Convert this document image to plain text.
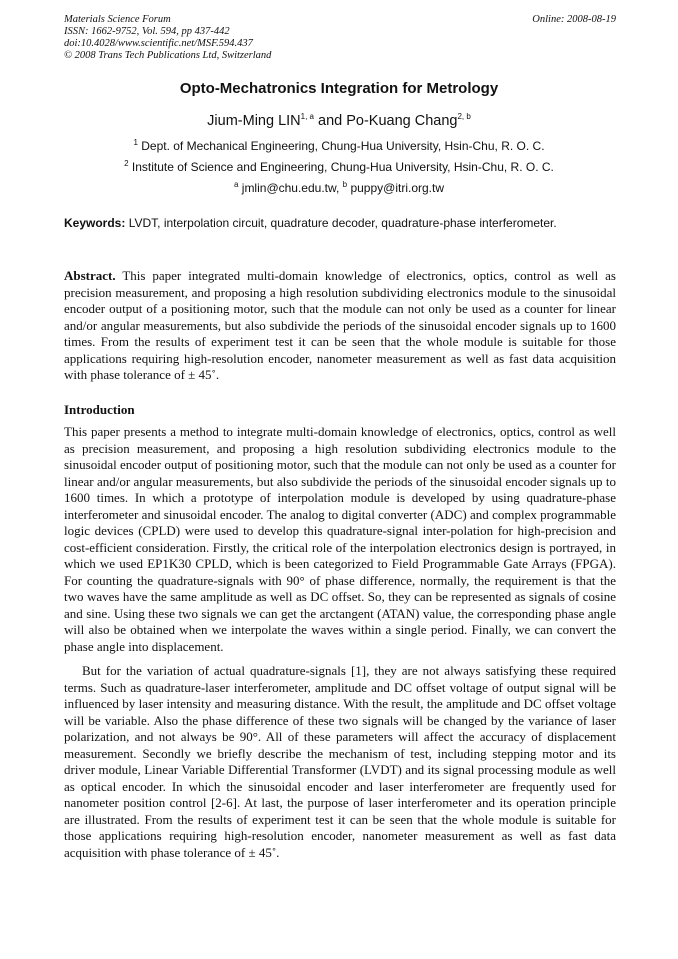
Materials Science Forum
ISSN: 1662-9752, Vol. 594, pp 437-442
doi:10.4028/www.scientific.net/MSF.594.437
© 2008 Trans Tech Publications Ltd, Switzerland
Online: 2008-08-19
Opto-Mechatronics Integration for Metrology
Jium-Ming LIN$^{1, a}$ and Po-Kuang Chang$^{2, b}$
$^1$ Dept. of Mechanical Engineering, Chung-Hua University, Hsin-Chu, R. O. C.
$^2$ Institute of Science and Engineering, Chung-Hua University, Hsin-Chu, R. O. C.
$^a$ jmlin@chu.edu.tw, $^b$ puppy@itri.org.tw
Keywords: LVDT, interpolation circuit, quadrature decoder, quadrature-phase interferometer.

Abstract. This paper integrated multi-domain knowledge of electronics, optics, control as well as precision measurement, and proposing a high resolution subdividing electronics module to the sinusoidal encoder output of a positioning motor, such that the module can not only be used as a counter for linear and/or angular measurements, but also subdivide the periods of the sinusoidal encoder signals up to 1600 times. From the results of experiment test it can be seen that the whole module is suitable for those applications requiring high-resolution encoder, nanometer measurement as well as fast data acquisition with phase tolerance of ± 45˚.

Introduction

This paper presents a method to integrate multi-domain knowledge of electronics, optics, control as well as precision measurement, and proposing a high resolution subdividing electronics module to the sinusoidal encoder output of positioning motor, such that the module can not only be used as a counter for linear and/or angular measurements, but also subdivide the periods of the sinusoidal encoder signals up to 1600 times. In which a prototype of interpolation module is developed by using quadrature-phase interferometer and sinusoidal encoder. The analog to digital converter (ADC) and complex programmable logic devices (CPLD) were used to develop this quadrature-signal inter-polation for high-precision and cost-efficient consideration. Firstly, the critical role of the interpolation electronics design is portrayed, in which we used EP1K30 CPLD, which is been categorized to Field Programmable Gate Arrays (FPGA). For counting the quadrature-signals with 90° of phase difference, normally, the requirement is that the two waves have the same amplitude as well as DC offset. So, they can be represented as signals of cosine and sine. Using these two signals we can get the arctangent (ATAN) value, the corresponding phase angle will also be obtained when we interpolate the waves within a single period. Finally, we can convert the phase angle into displacement.

But for the variation of actual quadrature-signals [1], they are not always satisfying these required terms. Such as quadrature-laser interferometer, amplitude and DC offset voltage of output signal will be influenced by laser intensity and measuring distance. With the result, the amplitude and DC offset voltage will be variable. Also the phase difference of these two signals will be changed by the variance of laser polarization, and not always be 90°. All of these parameters will affect the accuracy of displacement measurement. Secondly we briefly describe the mechanism of test, including stepping motor and its driver module, Linear Variable Differential Transformer (LVDT) and its signal processing module as well as optical encoder. In which the sinusoidal encoder and laser interferometer are frequently used for nanometer position control [2-6]. At last, the purpose of laser interferometer and its operation principle are illustrated. From the results of experiment test it can be seen that the whole module is suitable for those applications requiring high-resolution encoder, nanometer measurement as well as fast data acquisition with phase tolerance of ± 45˚.
